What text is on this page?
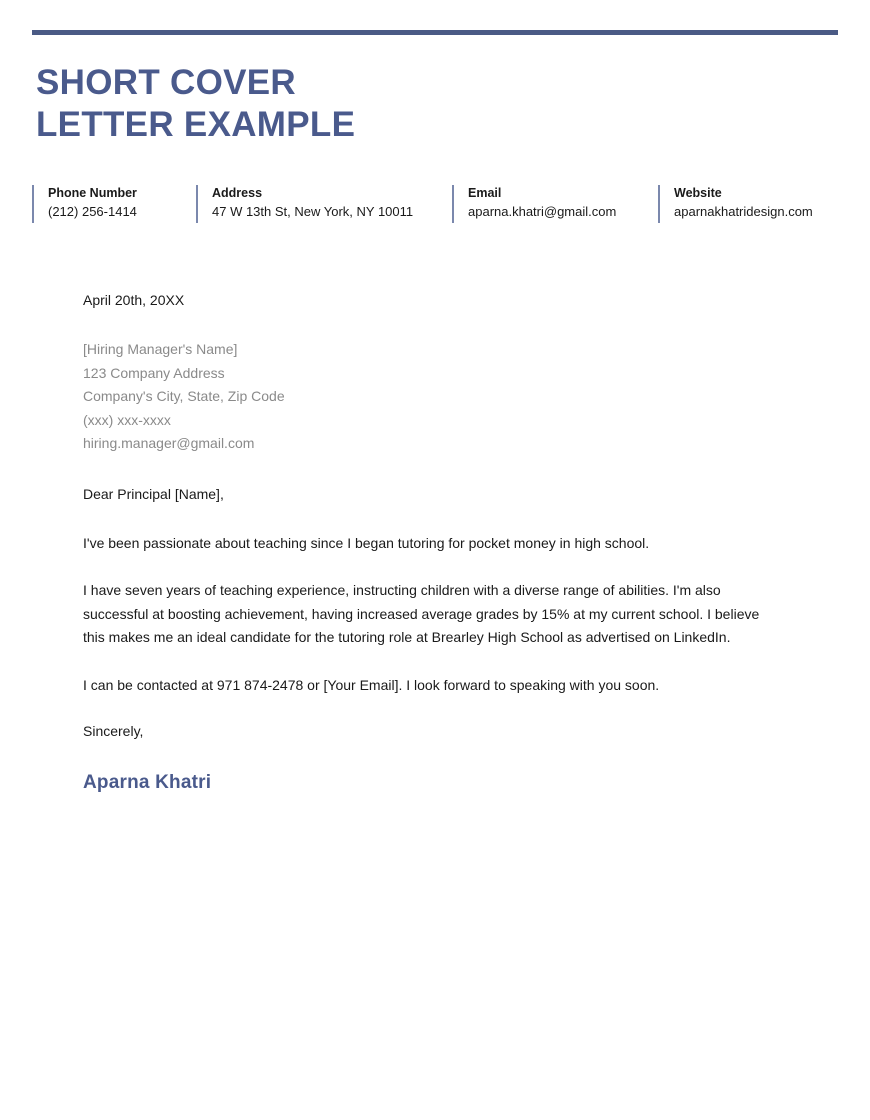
SHORT COVER
LETTER EXAMPLE
Phone Number
(212) 256-1414
Address
47 W 13th St, New York, NY 10011
Email
aparna.khatri@gmail.com
Website
aparnakhatridesign.com
April 20th, 20XX
[Hiring Manager's Name]
123 Company Address
Company's City, State, Zip Code
(xxx) xxx-xxxx
hiring.manager@gmail.com
Dear Principal [Name],
I've been passionate about teaching since I began tutoring for pocket money in high school.
I have seven years of teaching experience, instructing children with a diverse range of abilities. I'm also successful at boosting achievement, having increased average grades by 15% at my current school. I believe this makes me an ideal candidate for the tutoring role at Brearley High School as advertised on LinkedIn.
I can be contacted at 971 874-2478 or [Your Email]. I look forward to speaking with you soon.
Sincerely,
Aparna Khatri
